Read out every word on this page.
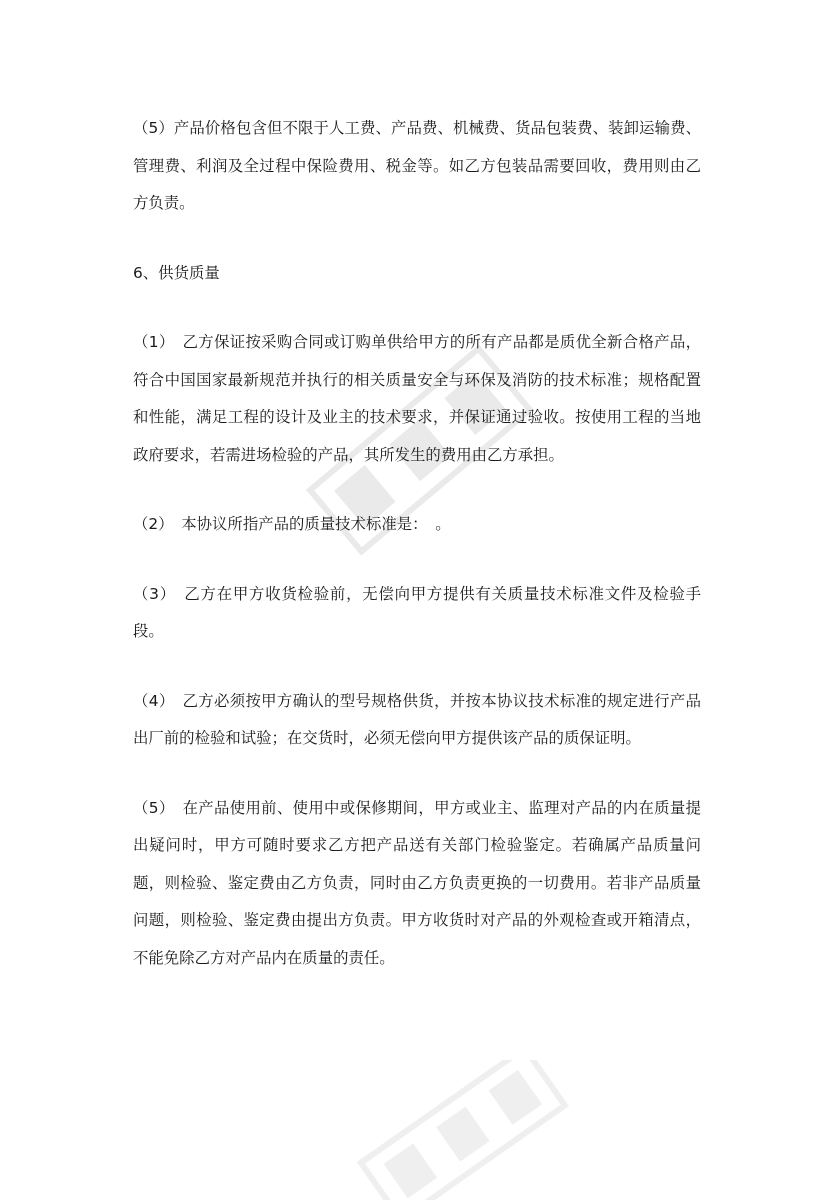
（5）产品价格包含但不限于人工费、产品费、机械费、货品包装费、装卸运输费、管理费、利润及全过程中保险费用、税金等。如乙方包装品需要回收，费用则由乙方负责。

6、供货质量

（1）　乙方保证按采购合同或订购单供给甲方的所有产品都是质优全新合格产品，符合中国国家最新规范并执行的相关质量安全与环保及消防的技术标准；规格配置和性能，满足工程的设计及业主的技术要求，并保证通过验收。按使用工程的当地政府要求，若需进场检验的产品，其所发生的费用由乙方承担。

（2）　本协议所指产品的质量技术标准是：　。

（3）　乙方在甲方收货检验前，无偿向甲方提供有关质量技术标准文件及检验手段。

（4）　乙方必须按甲方确认的型号规格供货，并按本协议技术标准的规定进行产品出厂前的检验和试验；在交货时，必须无偿向甲方提供该产品的质保证明。

（5）　在产品使用前、使用中或保修期间，甲方或业主、监理对产品的内在质量提出疑问时，甲方可随时要求乙方把产品送有关部门检验鉴定。若确属产品质量问题，则检验、鉴定费由乙方负责，同时由乙方负责更换的一切费用。若非产品质量问题，则检验、鉴定费由提出方负责。甲方收货时对产品的外观检查或开箱清点，不能免除乙方对产品内在质量的责任。
